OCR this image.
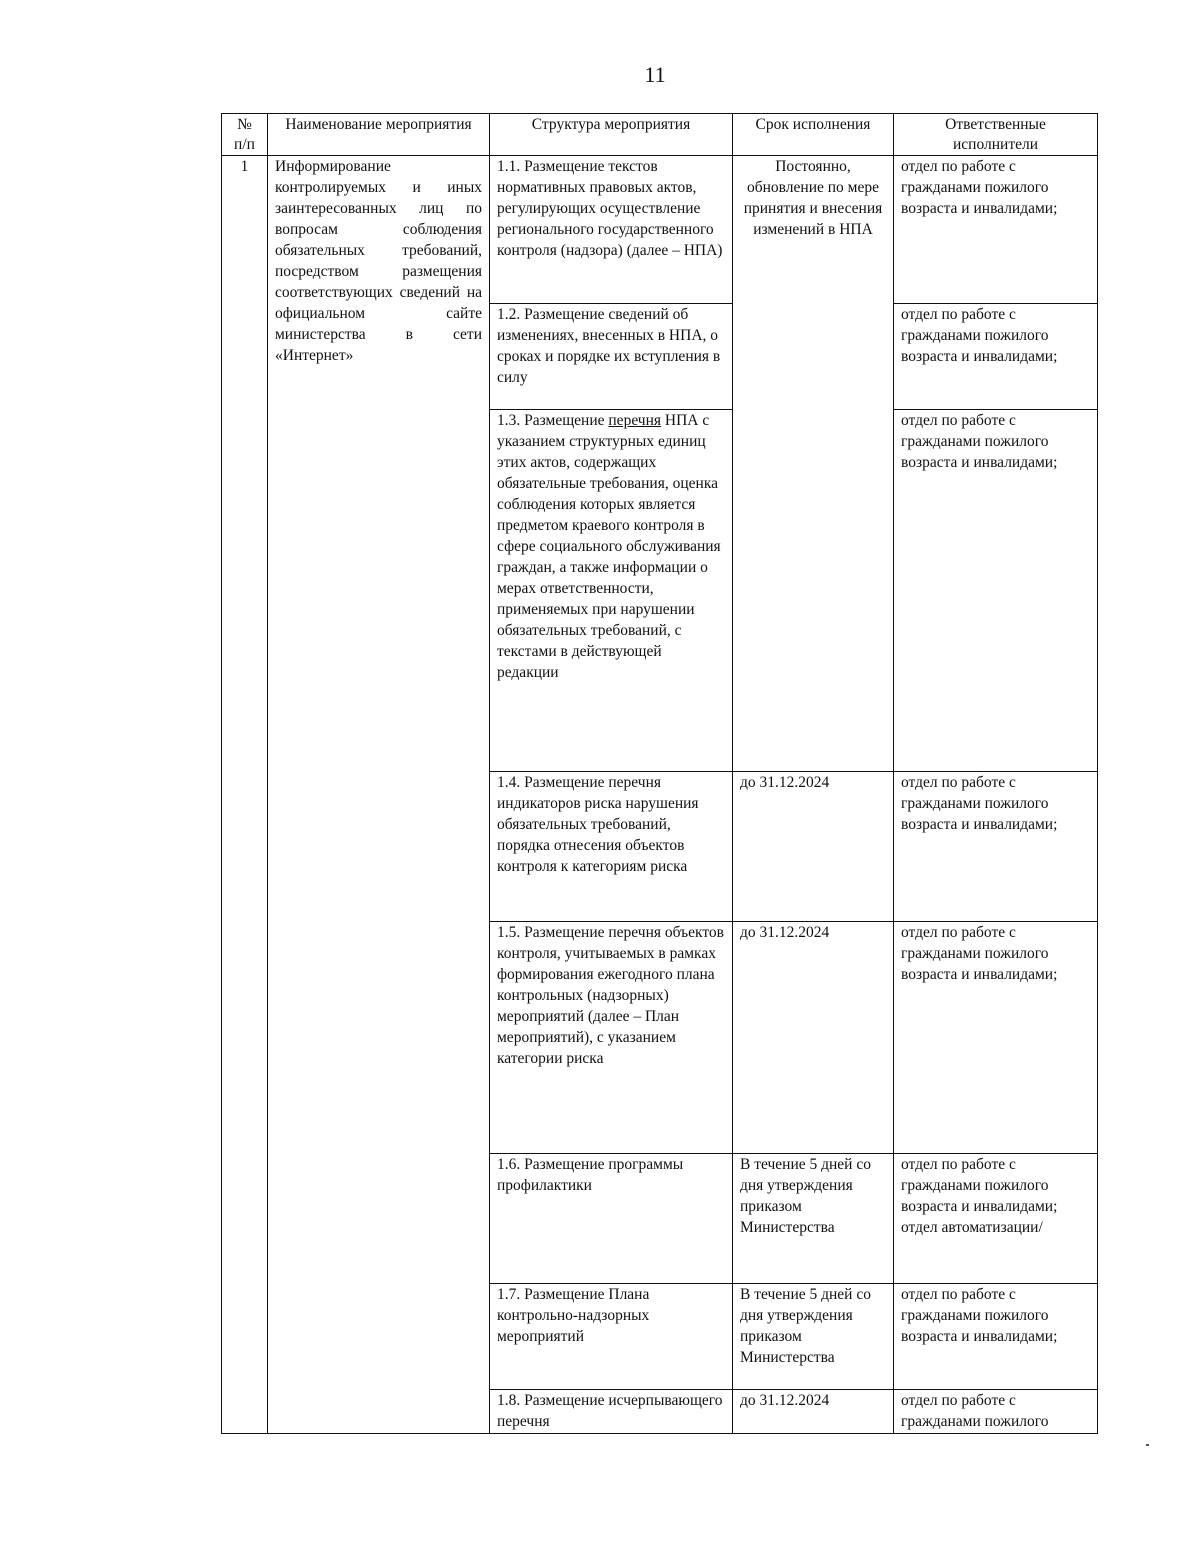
11
№ п/п	Наименование мероприятия	Структура мероприятия	Срок исполнения	Ответственные исполнители
1	Информирование контролируемых и иных заинтересованных лиц по вопросам соблюдения обязательных требований, посредством размещения соответствующих сведений на официальном сайте министерства в сети «Интернет»	1.1. Размещение текстов нормативных правовых актов, регулирующих осуществление регионального государственного контроля (надзора) (далее – НПА)	Постоянно, обновление по мере принятия и внесения изменений в НПА	отдел по работе с гражданами пожилого возраста и инвалидами;
		1.2. Размещение сведений об изменениях, внесенных в НПА, о сроках и порядке их вступления в силу		отдел по работе с гражданами пожилого возраста и инвалидами;
		1.3. Размещение перечня НПА с указанием структурных единиц этих актов, содержащих обязательные требования, оценка соблюдения которых является предметом краевого контроля в сфере социального обслуживания граждан, а также информации о мерах ответственности, применяемых при нарушении обязательных требований, с текстами в действующей редакции		отдел по работе с гражданами пожилого возраста и инвалидами;
		1.4. Размещение перечня индикаторов риска нарушения обязательных требований, порядка отнесения объектов контроля к категориям риска	до 31.12.2024	отдел по работе с гражданами пожилого возраста и инвалидами;
		1.5. Размещение перечня объектов контроля, учитываемых в рамках формирования ежегодного плана контрольных (надзорных) мероприятий (далее – План мероприятий), с указанием категории риска	до 31.12.2024	отдел по работе с гражданами пожилого возраста и инвалидами;
		1.6. Размещение программы профилактики	В течение 5 дней со дня утверждения приказом Министерства	отдел по работе с гражданами пожилого возраста и инвалидами; отдел автоматизации/
		1.7. Размещение Плана контрольно-надзорных мероприятий	В течение 5 дней со дня утверждения приказом Министерства	отдел по работе с гражданами пожилого возраста и инвалидами;
		1.8. Размещение исчерпывающего перечня	до 31.12.2024	отдел по работе с гражданами пожилого
